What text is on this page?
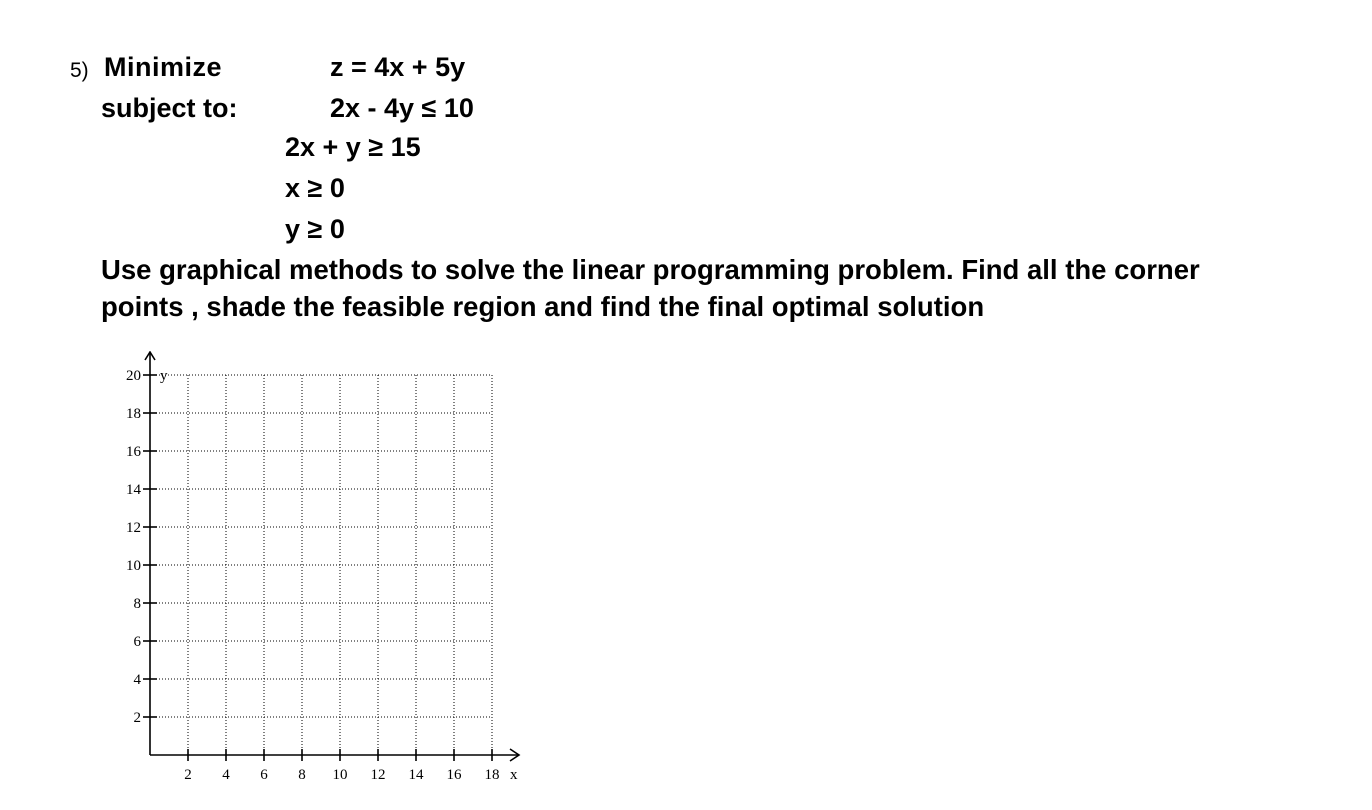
5) Minimize	z = 4x + 5y
subject to:	2x - 4y ≤ 10
2x + y ≥ 15
x ≥ 0
y ≥ 0
Use graphical methods to solve the linear programming problem. Find all the corner
points , shade the feasible region and find the final optimal solution
2 4 6 8 10 12 14 16 18
2
4
6
8
10
12
14
16
18
20 y
x
